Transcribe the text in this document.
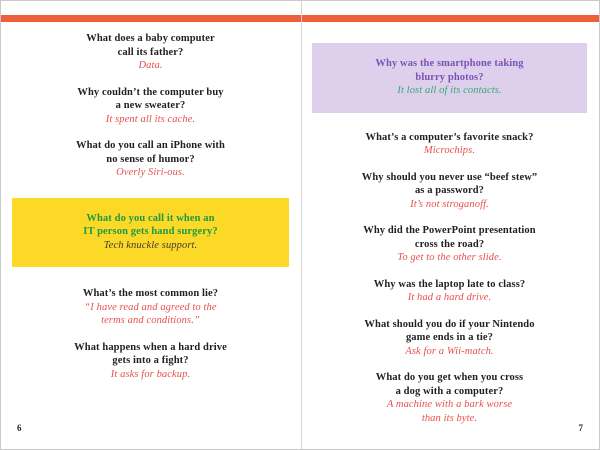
What does a baby computer
call its father?
Data.
Why couldn’t the computer buy
a new sweater?
It spent all its cache.
What do you call an iPhone with
no sense of humor?
Overly Siri-ous.
What do you call it when an
IT person gets hand surgery?
Tech knuckle support.
What’s the most common lie?
“I have read and agreed to the
terms and conditions.”
What happens when a hard drive
gets into a fight?
It asks for backup.
6
Why was the smartphone taking
blurry photos?
It lost all of its contacts.
What’s a computer’s favorite snack?
Microchips.
Why should you never use “beef stew”
as a password?
It’s not stroganoff.
Why did the PowerPoint presentation
cross the road?
To get to the other slide.
Why was the laptop late to class?
It had a hard drive.
What should you do if your Nintendo
game ends in a tie?
Ask for a Wii-match.
What do you get when you cross
a dog with a computer?
A machine with a bark worse
than its byte.
7
